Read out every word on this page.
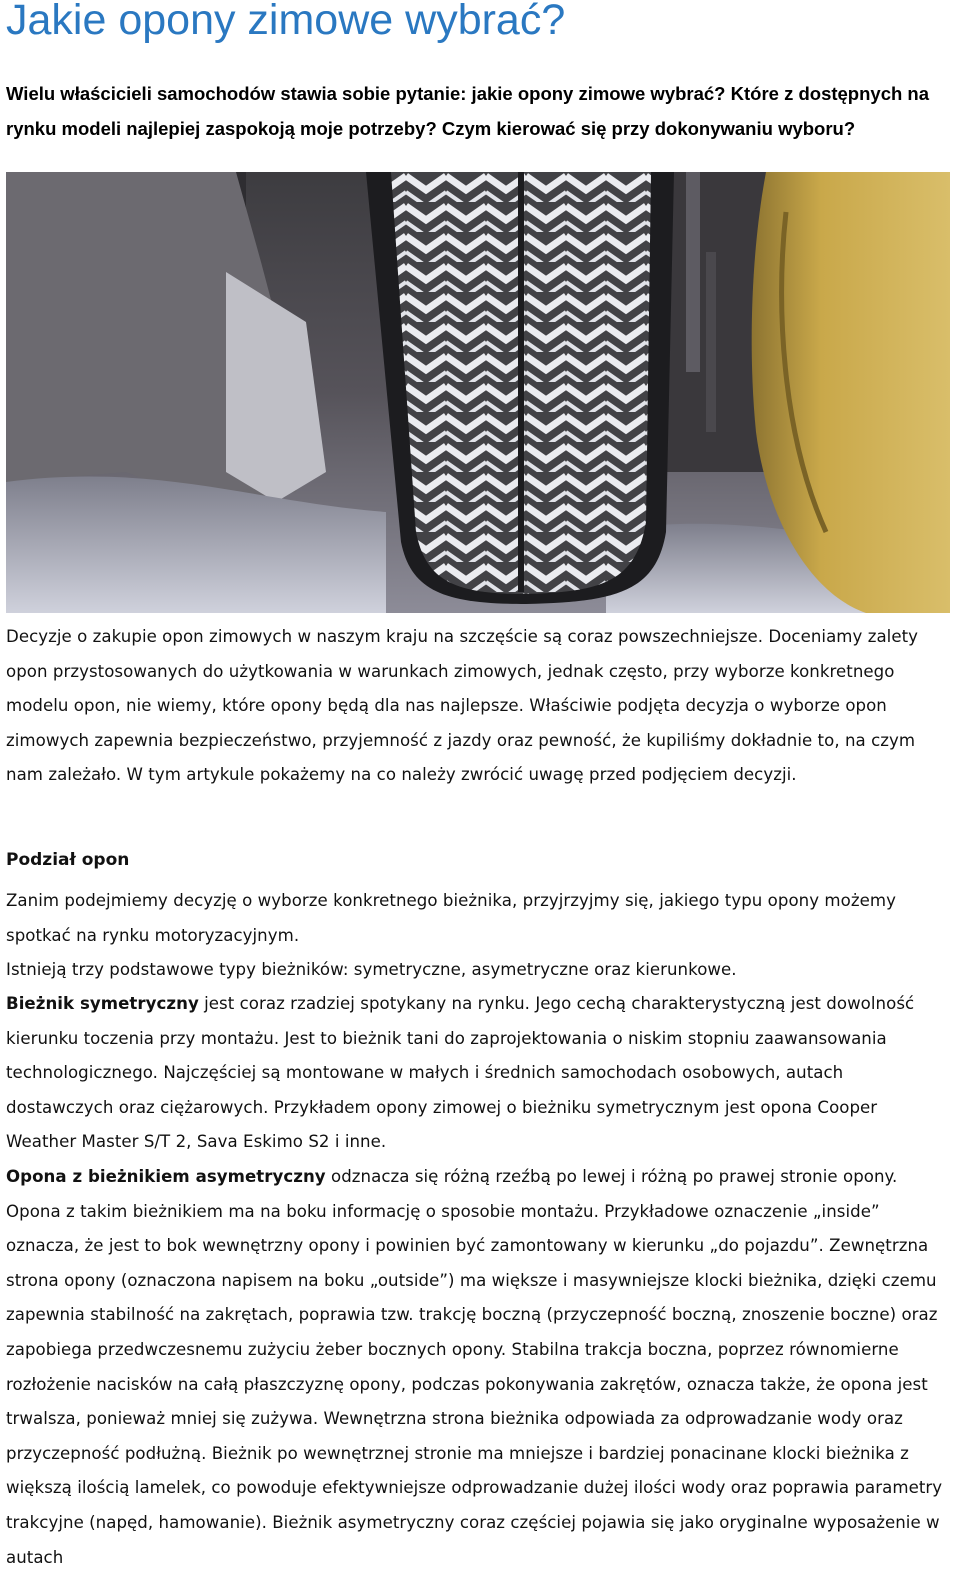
Jakie opony zimowe wybrać?

Wielu właścicieli samochodów stawia sobie pytanie: jakie opony zimowe wybrać? Które z dostępnych na rynku modeli najlepiej zaspokoją moje potrzeby? Czym kierować się przy dokonywaniu wyboru?

Decyzje o zakupie opon zimowych w naszym kraju na szczęście są coraz powszechniejsze. Doceniamy zalety opon przystosowanych do użytkowania w warunkach zimowych, jednak często, przy wyborze konkretnego modelu opon, nie wiemy, które opony będą dla nas najlepsze. Właściwie podjęta decyzja o wyborze opon zimowych zapewnia bezpieczeństwo, przyjemność z jazdy oraz pewność, że kupiliśmy dokładnie to, na czym nam zależało. W tym artykule pokażemy na co należy zwrócić uwagę przed podjęciem decyzji.

Podział opon

Zanim podejmiemy decyzję o wyborze konkretnego bieżnika, przyjrzyjmy się, jakiego typu opony możemy spotkać na rynku motoryzacyjnym.

Istnieją trzy podstawowe typy bieżników: symetryczne, asymetryczne oraz kierunkowe.

Bieżnik symetryczny jest coraz rzadziej spotykany na rynku. Jego cechą charakterystyczną jest dowolność kierunku toczenia przy montażu. Jest to bieżnik tani do zaprojektowania o niskim stopniu zaawansowania technologicznego. Najczęściej są montowane w małych i średnich samochodach osobowych, autach dostawczych oraz ciężarowych. Przykładem opony zimowej o bieżniku symetrycznym jest opona Cooper Weather Master S/T 2, Sava Eskimo S2 i inne.

Opona z bieżnikiem asymetryczny odznacza się różną rzeźbą po lewej i różną po prawej stronie opony. Opona z takim bieżnikiem ma na boku informację o sposobie montażu. Przykładowe oznaczenie „inside” oznacza, że jest to bok wewnętrzny opony i powinien być zamontowany w kierunku „do pojazdu”. Zewnętrzna strona opony (oznaczona napisem na boku „outside”) ma większe i masywniejsze klocki bieżnika, dzięki czemu zapewnia stabilność na zakrętach, poprawia tzw. trakcję boczną (przyczepność boczną, znoszenie boczne) oraz zapobiega przedwczesnemu zużyciu żeber bocznych opony. Stabilna trakcja boczna, poprzez równomierne rozłożenie nacisków na całą płaszczyznę opony, podczas pokonywania zakrętów, oznacza także, że opona jest trwalsza, ponieważ mniej się zużywa. Wewnętrzna strona bieżnika odpowiada za odprowadzanie wody oraz przyczepność podłużną. Bieżnik po wewnętrznej stronie ma mniejsze i bardziej ponacinane klocki bieżnika z większą ilością lamelek, co powoduje efektywniejsze odprowadzanie dużej ilości wody oraz poprawia parametry trakcyjne (napęd, hamowanie). Bieżnik asymetryczny coraz częściej pojawia się jako oryginalne wyposażenie w autach
